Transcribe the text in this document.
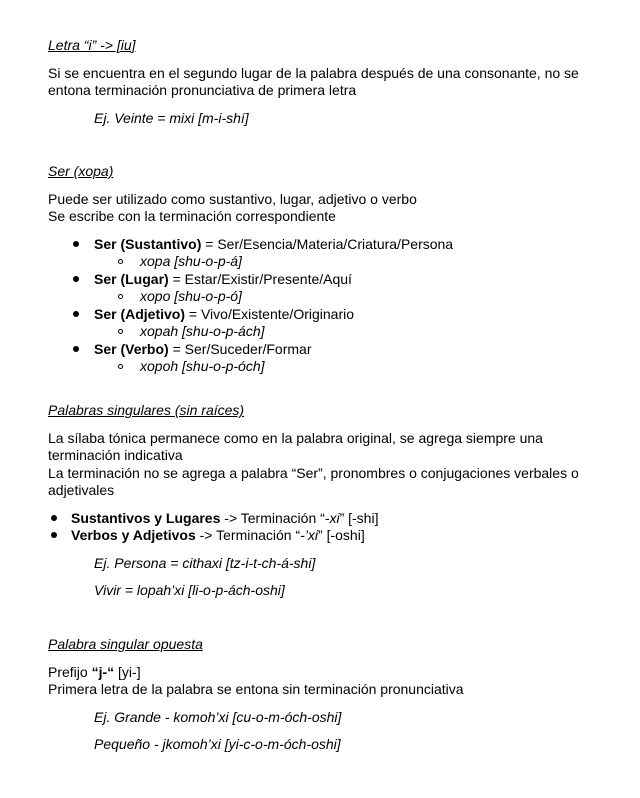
Letra “i” -> [iu]
Si se encuentra en el segundo lugar de la palabra después de una consonante, no se
entona terminación pronunciativa de primera letra
Ej. Veinte = mixi [m-i-shí]
Ser (xopa)
Puede ser utilizado como sustantivo, lugar, adjetivo o verbo
Se escribe con la terminación correspondiente
Ser (Sustantivo) = Ser/Esencia/Materia/Criatura/Persona
xopa [shu-o-p-á]
Ser (Lugar) = Estar/Existir/Presente/Aquí
xopo [shu-o-p-ó]
Ser (Adjetivo) = Vivo/Existente/Originario
xopah [shu-o-p-ách]
Ser (Verbo) = Ser/Suceder/Formar
xopoh [shu-o-p-óch]
Palabras singulares (sin raíces)
La sílaba tónica permanece como en la palabra original, se agrega siempre una
terminación indicativa
La terminación no se agrega a palabra “Ser”, pronombres o conjugaciones verbales o
adjetivales
Sustantivos y Lugares -> Terminación “-xi” [-shi]
Verbos y Adjetivos -> Terminación “-’xi” [-oshi]
Ej. Persona = cithaxi [tz-i-t-ch-á-shi]
Vivir = lopah’xi [li-o-p-ách-oshi]
Palabra singular opuesta
Prefijo “j-“ [yi-]
Primera letra de la palabra se entona sin terminación pronunciativa
Ej. Grande - komoh’xi [cu-o-m-óch-oshi]
Pequeño - jkomoh’xi [yi-c-o-m-óch-oshi]
